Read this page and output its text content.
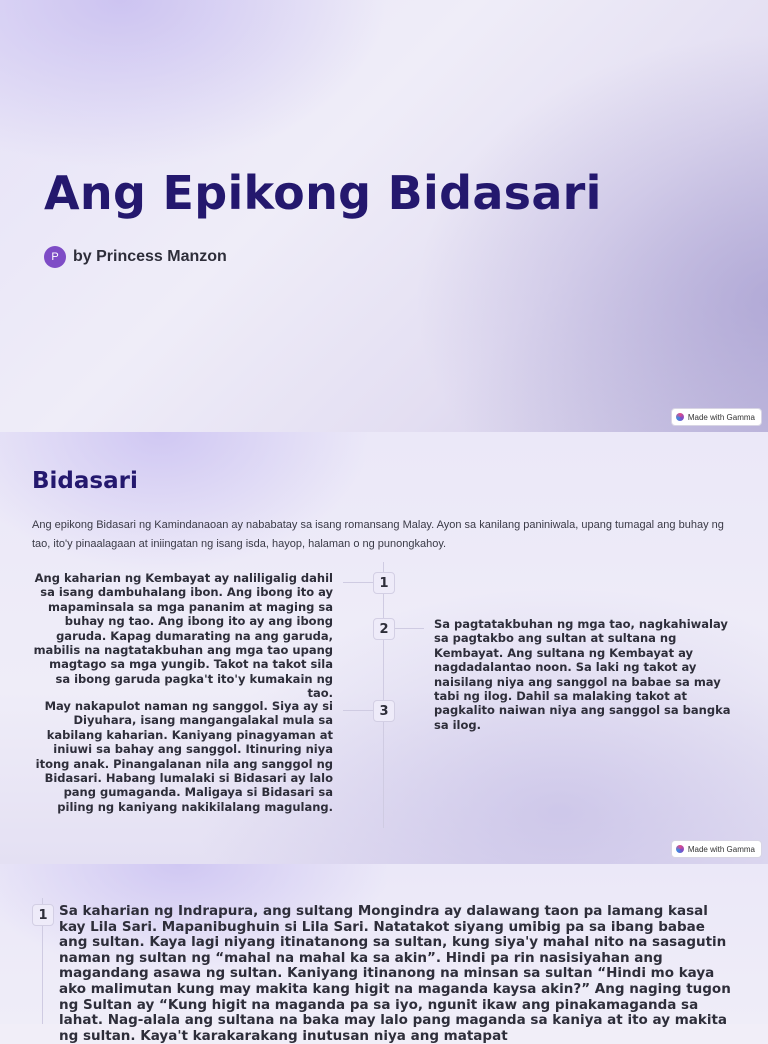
Ang Epikong Bidasari
P by Princess Manzon
Made with Gamma
Bidasari

Ang epikong Bidasari ng Kamindanaoan ay nababatay sa isang romansang Malay. Ayon sa kanilang paniniwala, upang tumagal ang buhay ng tao, ito'y pinaalagaan at iniingatan ng isang isda, hayop, halaman o ng punongkahoy.

1

Ang kaharian ng Kembayat ay naliligalig dahil sa isang dambuhalang ibon. Ang ibong ito ay mapaminsala sa mga pananim at maging sa buhay ng tao. Ang ibong ito ay ang ibong garuda. Kapag dumarating na ang garuda, mabilis na nagtatakbuhan ang mga tao upang magtago sa mga yungib. Takot na takot sila sa ibong garuda pagka't ito'y kumakain ng tao.

2	Sa pagtatakbuhan ng mga tao, nagkahiwalay sa pagtakbo ang sultan at sultana ng Kembayat. Ang sultana ng Kembayat ay nagdadalantao noon. Sa laki ng takot ay naisilang niya ang sanggol na babae sa may tabi ng ilog. Dahil sa malaking takot at pagkalito naiwan niya ang sanggol sa bangka sa ilog.

3

May nakapulot naman ng sanggol. Siya ay si Diyuhara, isang mangangalakal mula sa kabilang kaharian. Kaniyang pinagyaman at iniuwi sa bahay ang sanggol. Itinuring niya itong anak. Pinangalanan nila ang sanggol ng Bidasari. Habang lumalaki si Bidasari ay lalo pang gumaganda. Maligaya si Bidasari sa piling ng kaniyang nakikilalang magulang.

Made with Gamma
1 Sa kaharian ng Indrapura, ang sultang Mongindra ay dalawang taon pa lamang kasal kay Lila Sari. Mapanibughuin si Lila Sari. Natatakot siyang umibig pa sa ibang babae ang sultan. Kaya lagi niyang itinatanong sa sultan, kung siya'y mahal nito na sasagutin naman ng sultan ng “mahal na mahal ka sa akin”. Hindi pa rin nasisiyahan ang magandang asawa ng sultan. Kaniyang itinanong na minsan sa sultan “Hindi mo kaya ako malimutan kung may makita kang higit na maganda kaysa akin?” Ang naging tugon ng Sultan ay “Kung higit na maganda pa sa iyo, ngunit ikaw ang pinakamaganda sa lahat. Nag-alala ang sultana na baka may lalo pang maganda sa kaniya at ito ay makita ng sultan. Kaya't karakarakang inutusan niya ang matapat
